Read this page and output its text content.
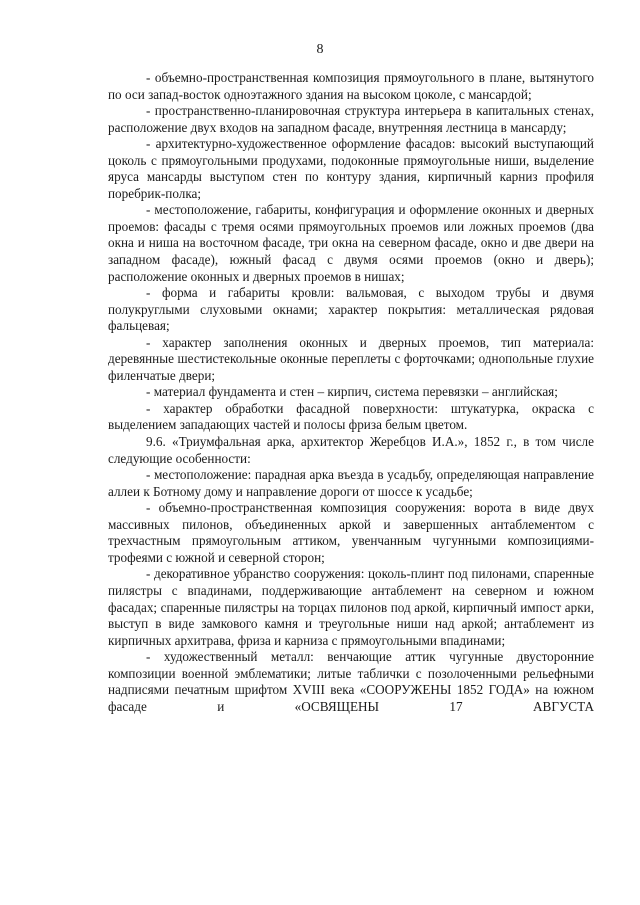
8

- объемно-пространственная композиция прямоугольного в плане, вытянутого по оси запад-восток одноэтажного здания на высоком цоколе, с мансардой;

- пространственно-планировочная структура интерьера в капитальных стенах, расположение двух входов на западном фасаде, внутренняя лестница в мансарду;

- архитектурно-художественное оформление фасадов: высокий выступающий цоколь с прямоугольными продухами, подоконные прямоугольные ниши, выделение яруса мансарды выступом стен по контуру здания, кирпичный карниз профиля поребрик-полка;

- местоположение, габариты, конфигурация и оформление оконных и дверных проемов: фасады с тремя осями прямоугольных проемов или ложных проемов (два окна и ниша на восточном фасаде, три окна на северном фасаде, окно и две двери на западном фасаде), южный фасад с двумя осями проемов (окно и дверь); расположение оконных и дверных проемов в нишах;

- форма и габариты кровли: вальмовая, с выходом трубы и двумя полукруглыми слуховыми окнами; характер покрытия: металлическая рядовая фальцевая;

- характер заполнения оконных и дверных проемов, тип материала: деревянные шестистекольные оконные переплеты с форточками; однопольные глухие филенчатые двери;

- материал фундамента и стен – кирпич, система перевязки – английская;

- характер обработки фасадной поверхности: штукатурка, окраска с выделением западающих частей и полосы фриза белым цветом.

9.6. «Триумфальная арка, архитектор Жеребцов И.А.», 1852 г., в том числе следующие особенности:

- местоположение: парадная арка въезда в усадьбу, определяющая направление аллеи к Ботному дому и направление дороги от шоссе к усадьбе;

- объемно-пространственная композиция сооружения: ворота в виде двух массивных пилонов, объединенных аркой и завершенных антаблементом с трехчастным прямоугольным аттиком, увенчанным чугунными композициями-трофеями с южной и северной сторон;

- декоративное убранство сооружения: цоколь-плинт под пилонами, спаренные пилястры с впадинами, поддерживающие антаблемент на северном и южном фасадах; спаренные пилястры на торцах пилонов под аркой, кирпичный импост арки, выступ в виде замкового камня и треугольные ниши над аркой; антаблемент из кирпичных архитрава, фриза и карниза с прямоугольными впадинами;

- художественный металл: венчающие аттик чугунные двусторонние композиции военной эмблематики; литые таблички с позолоченными рельефными надписями печатным шрифтом XVIII века «СООРУЖЕНЫ 1852 ГОДА» на южном фасаде и «ОСВЯЩЕНЫ 17 АВГУСТА
